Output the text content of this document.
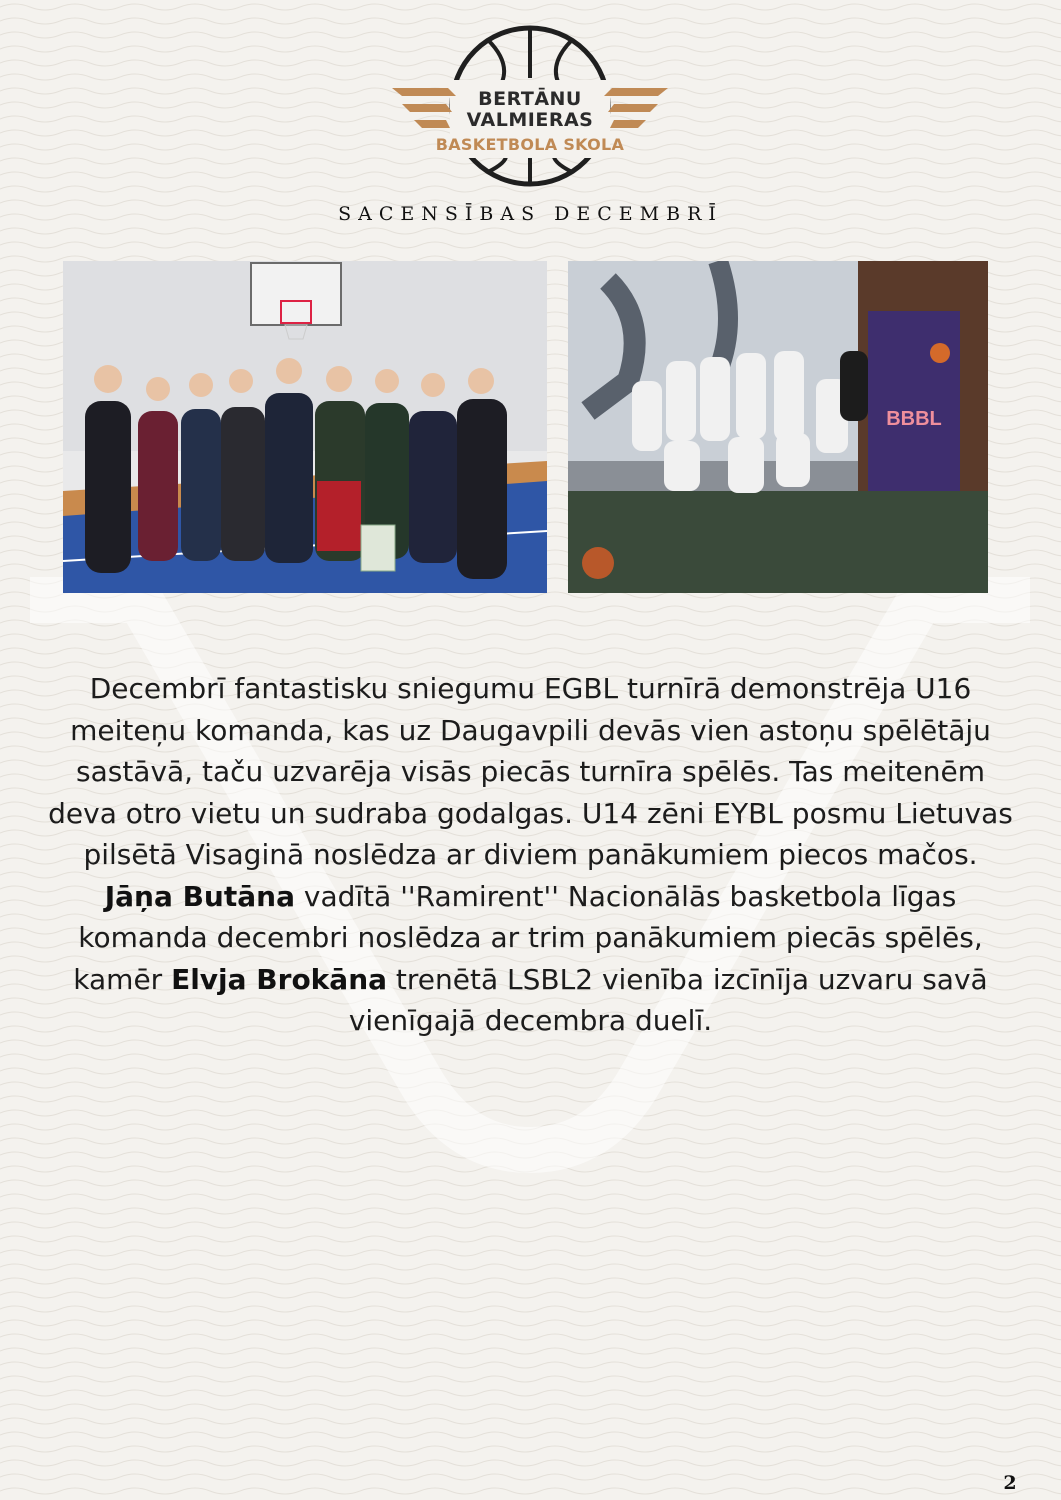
BERTĀNU
VALMIERAS
BASKETBOLA SKOLA
SACENSĪBAS DECEMBRĪ
BBBL
Decembrī fantastisku sniegumu EGBL turnīrā demonstrēja U16 meiteņu komanda, kas uz Daugavpili devās vien astoņu spēlētāju sastāvā, taču uzvarēja visās piecās turnīra spēlēs. Tas meitenēm deva otro vietu un sudraba godalgas. U14 zēni EYBL posmu Lietuvas pilsētā Visaginā noslēdza ar diviem panākumiem piecos mačos.
Jāņa Butāna vadītā ''Ramirent'' Nacionālās basketbola līgas komanda decembri noslēdza ar trim panākumiem piecās spēlēs, kamēr Elvja Brokāna trenētā LSBL2 vienība izcīnīja uzvaru savā vienīgajā decembra duelī.
2
